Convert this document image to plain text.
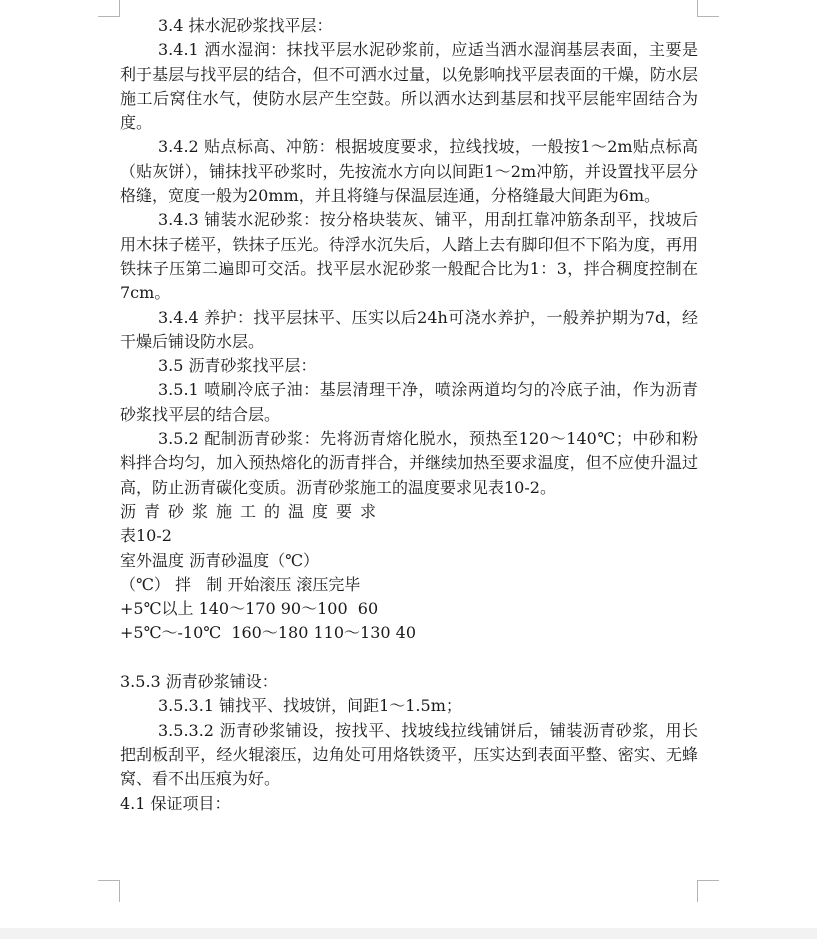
3.4 抹水泥砂浆找平层：

3.4.1 洒水湿润：抹找平层水泥砂浆前，应适当洒水湿润基层表面，主要是利于基层与找平层的结合，但不可洒水过量，以免影响找平层表面的干燥，防水层施工后窝住水气，使防水层产生空鼓。所以洒水达到基层和找平层能牢固结合为度。

3.4.2 贴点标高、冲筋：根据坡度要求，拉线找坡，一般按1～2m贴点标高（贴灰饼），铺抹找平砂浆时，先按流水方向以间距1～2m冲筋，并设置找平层分格缝，宽度一般为20mm，并且将缝与保温层连通，分格缝最大间距为6m。

3.4.3 铺装水泥砂浆：按分格块装灰、铺平，用刮扛靠冲筋条刮平，找坡后用木抹子槎平，铁抹子压光。待浮水沉失后，人踏上去有脚印但不下陷为度，再用铁抹子压第二遍即可交活。找平层水泥砂浆一般配合比为1：3，拌合稠度控制在7cm。

3.4.4 养护：找平层抹平、压实以后24h可浇水养护，一般养护期为7d，经干燥后铺设防水层。

3.5 沥青砂浆找平层：

3.5.1 喷刷冷底子油：基层清理干净，喷涂两道均匀的冷底子油，作为沥青砂浆找平层的结合层。

3.5.2 配制沥青砂浆：先将沥青熔化脱水，预热至120～140℃；中砂和粉料拌合均匀，加入预热熔化的沥青拌合，并继续加热至要求温度，但不应使升温过高，防止沥青碳化变质。沥青砂浆施工的温度要求见表10-2。

沥青砂浆施工的温度要求

表10-2

室外温度 沥青砂温度（℃）

（℃） 拌   制 开始滚压 滚压完毕

+5℃以上 140～170 90～100  60

+5℃～-10℃  160～180 110～130 40

3.5.3 沥青砂浆铺设：

3.5.3.1 铺找平、找坡饼，间距1～1.5m；

3.5.3.2 沥青砂浆铺设，按找平、找坡线拉线铺饼后，铺装沥青砂浆，用长把刮板刮平，经火辊滚压，边角处可用烙铁烫平，压实达到表面平整、密实、无蜂窝、看不出压痕为好。

4.1 保证项目：
